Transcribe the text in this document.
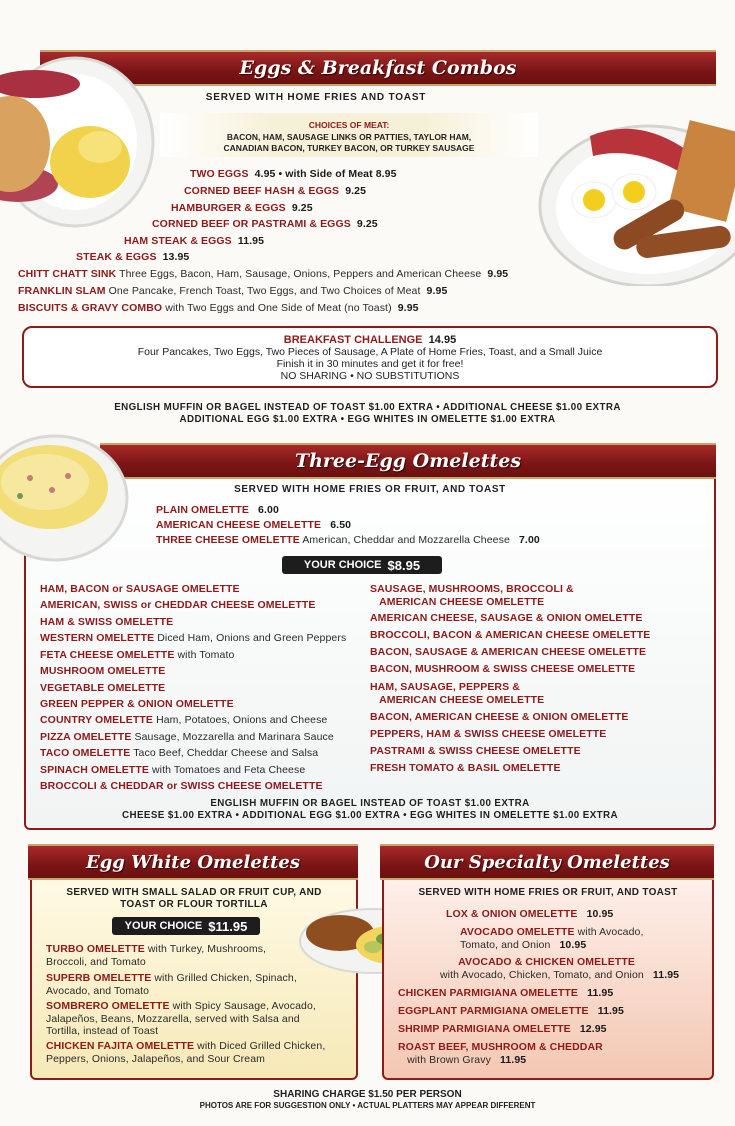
Eggs & Breakfast Combos
SERVED WITH HOME FRIES AND TOAST
CHOICES OF MEAT:
BACON, HAM, SAUSAGE LINKS OR PATTIES, TAYLOR HAM,
CANADIAN BACON, TURKEY BACON, OR TURKEY SAUSAGE
TWO EGGS 4.95 • with Side of Meat 8.95
CORNED BEEF HASH & EGGS 9.25
HAMBURGER & EGGS 9.25
CORNED BEEF OR PASTRAMI & EGGS 9.25
HAM STEAK & EGGS 11.95
STEAK & EGGS 13.95
CHITT CHATT SINK Three Eggs, Bacon, Ham, Sausage, Onions, Peppers and American Cheese 9.95
FRANKLIN SLAM One Pancake, French Toast, Two Eggs, and Two Choices of Meat 9.95
BISCUITS & GRAVY COMBO with Two Eggs and One Side of Meat (no Toast) 9.95
BREAKFAST CHALLENGE 14.95
Four Pancakes, Two Eggs, Two Pieces of Sausage, A Plate of Home Fries, Toast, and a Small Juice
Finish it in 30 minutes and get it for free!
NO SHARING • NO SUBSTITUTIONS
ENGLISH MUFFIN OR BAGEL INSTEAD OF TOAST $1.00 EXTRA • ADDITIONAL CHEESE $1.00 EXTRA
ADDITIONAL EGG $1.00 EXTRA • EGG WHITES IN OMELETTE $1.00 EXTRA
Three-Egg Omelettes
SERVED WITH HOME FRIES OR FRUIT, AND TOAST
PLAIN OMELETTE 6.00
AMERICAN CHEESE OMELETTE 6.50
THREE CHEESE OMELETTE American, Cheddar and Mozzarella Cheese 7.00
YOUR CHOICE $8.95
HAM, BACON or SAUSAGE OMELETTE
AMERICAN, SWISS or CHEDDAR CHEESE OMELETTE
HAM & SWISS OMELETTE
WESTERN OMELETTE Diced Ham, Onions and Green Peppers
FETA CHEESE OMELETTE with Tomato
MUSHROOM OMELETTE
VEGETABLE OMELETTE
GREEN PEPPER & ONION OMELETTE
COUNTRY OMELETTE Ham, Potatoes, Onions and Cheese
PIZZA OMELETTE Sausage, Mozzarella and Marinara Sauce
TACO OMELETTE Taco Beef, Cheddar Cheese and Salsa
SPINACH OMELETTE with Tomatoes and Feta Cheese
BROCCOLI & CHEDDAR or SWISS CHEESE OMELETTE
SAUSAGE, MUSHROOMS, BROCCOLI &
AMERICAN CHEESE OMELETTE
AMERICAN CHEESE, SAUSAGE & ONION OMELETTE
BROCCOLI, BACON & AMERICAN CHEESE OMELETTE
BACON, SAUSAGE & AMERICAN CHEESE OMELETTE
BACON, MUSHROOM & SWISS CHEESE OMELETTE
HAM, SAUSAGE, PEPPERS &
AMERICAN CHEESE OMELETTE
BACON, AMERICAN CHEESE & ONION OMELETTE
PEPPERS, HAM & SWISS CHEESE OMELETTE
PASTRAMI & SWISS CHEESE OMELETTE
FRESH TOMATO & BASIL OMELETTE
ENGLISH MUFFIN OR BAGEL INSTEAD OF TOAST $1.00 EXTRA
CHEESE $1.00 EXTRA • ADDITIONAL EGG $1.00 EXTRA • EGG WHITES IN OMELETTE $1.00 EXTRA
Egg White Omelettes
SERVED WITH SMALL SALAD OR FRUIT CUP, AND
TOAST OR FLOUR TORTILLA
YOUR CHOICE $11.95
TURBO OMELETTE with Turkey, Mushrooms,
Broccoli, and Tomato
SUPERB OMELETTE with Grilled Chicken, Spinach,
Avocado, and Tomato
SOMBRERO OMELETTE with Spicy Sausage, Avocado,
Jalapeños, Beans, Mozzarella, served with Salsa and
Tortilla, instead of Toast
CHICKEN FAJITA OMELETTE with Diced Grilled Chicken,
Peppers, Onions, Jalapeños, and Sour Cream
Our Specialty Omelettes
SERVED WITH HOME FRIES OR FRUIT, AND TOAST
LOX & ONION OMELETTE 10.95
AVOCADO OMELETTE with Avocado,
Tomato, and Onion 10.95
AVOCADO & CHICKEN OMELETTE
with Avocado, Chicken, Tomato, and Onion 11.95
CHICKEN PARMIGIANA OMELETTE 11.95
EGGPLANT PARMIGIANA OMELETTE 11.95
SHRIMP PARMIGIANA OMELETTE 12.95
ROAST BEEF, MUSHROOM & CHEDDAR
with Brown Gravy 11.95
SHARING CHARGE $1.50 PER PERSON
PHOTOS ARE FOR SUGGESTION ONLY • ACTUAL PLATTERS MAY APPEAR DIFFERENT
